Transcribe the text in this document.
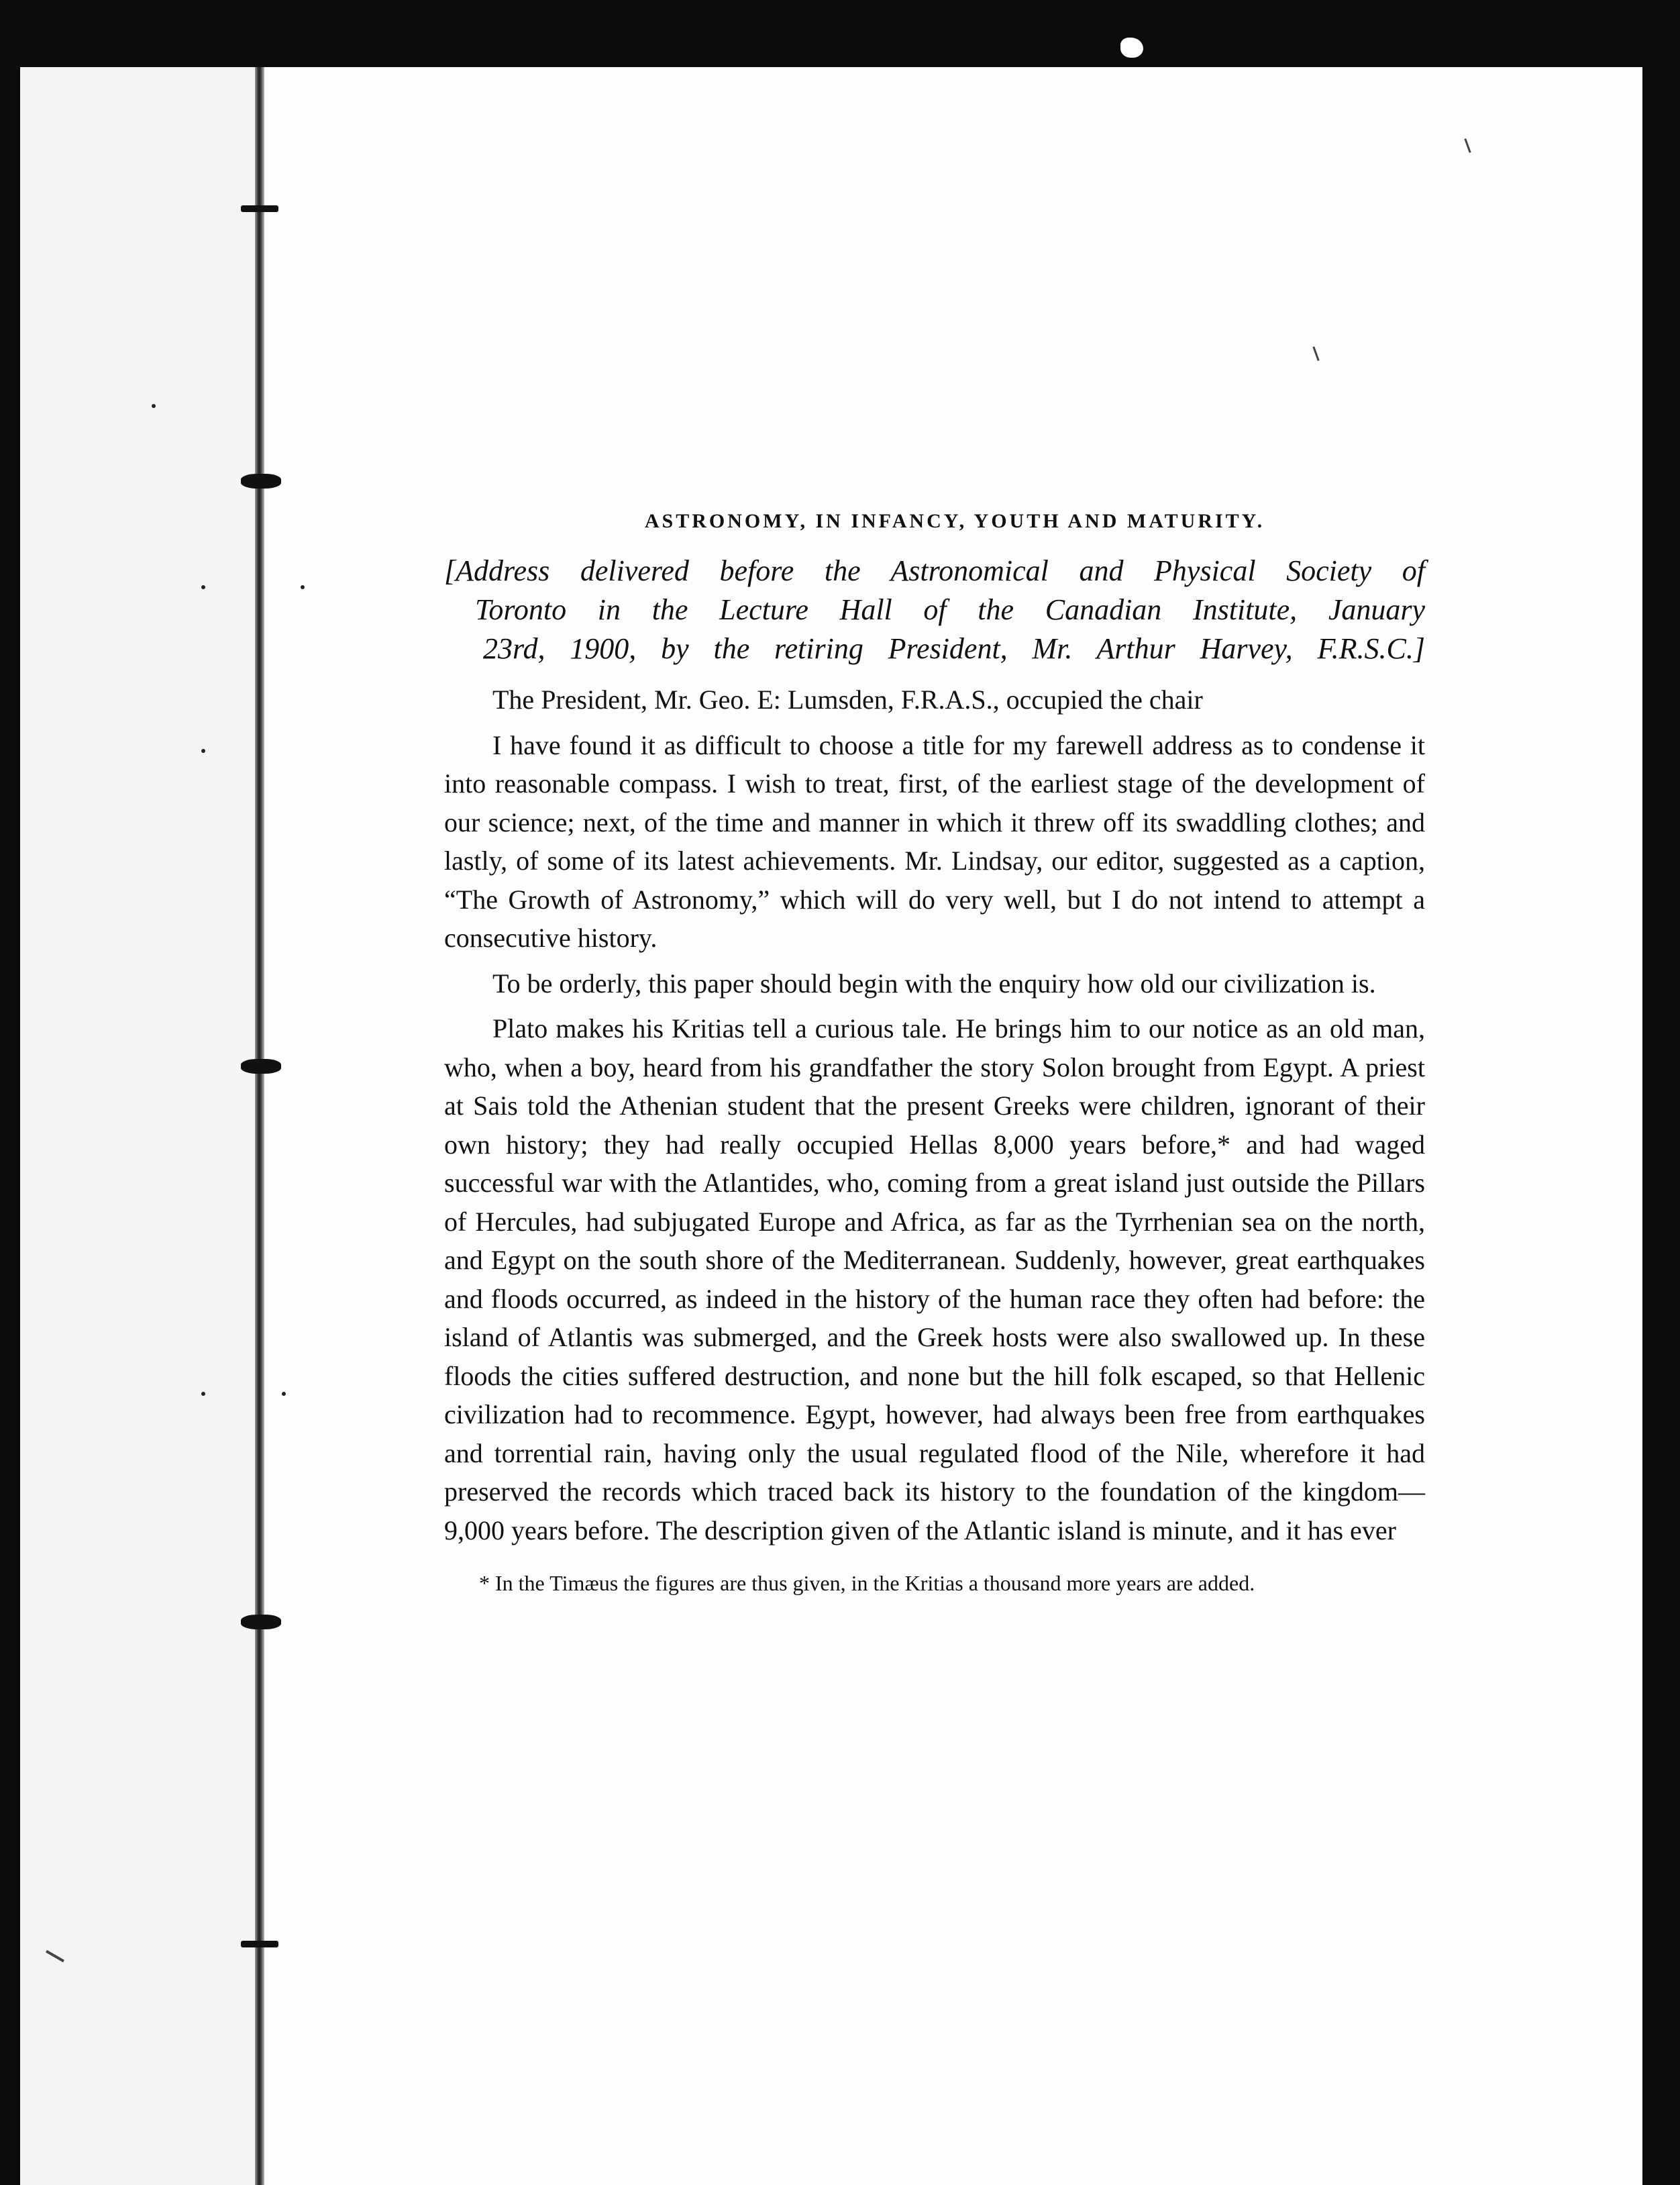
ASTRONOMY, IN INFANCY, YOUTH AND MATURITY.
[Address delivered before the Astronomical and Physical Society of
Toronto in the Lecture Hall of the Canadian Institute, January
23rd, 1900, by the retiring President, Mr. Arthur Harvey, F.R.S.C.]

The President, Mr. Geo. E: Lumsden, F.R.A.S., occupied the chair

I have found it as difficult to choose a title for my farewell address as to condense it into reasonable compass. I wish to treat, first, of the earliest stage of the development of our science; next, of the time and manner in which it threw off its swaddling clothes; and lastly, of some of its latest achievements. Mr. Lindsay, our editor, suggested as a caption, “The Growth of Astronomy,” which will do very well, but I do not intend to attempt a consecutive history.

To be orderly, this paper should begin with the enquiry how old our civilization is.

Plato makes his Kritias tell a curious tale. He brings him to our notice as an old man, who, when a boy, heard from his grandfather the story Solon brought from Egypt. A priest at Sais told the Athenian student that the present Greeks were children, ignorant of their own history; they had really occupied Hellas 8,000 years before,* and had waged successful war with the Atlantides, who, coming from a great island just outside the Pillars of Hercules, had subjugated Europe and Africa, as far as the Tyrrhenian sea on the north, and Egypt on the south shore of the Mediterranean. Suddenly, however, great earthquakes and floods occurred, as indeed in the history of the human race they often had before: the island of Atlantis was submerged, and the Greek hosts were also swallowed up. In these floods the cities suffered destruction, and none but the hill folk escaped, so that Hellenic civilization had to recommence. Egypt, however, had always been free from earthquakes and torrential rain, having only the usual regulated flood of the Nile, wherefore it had preserved the records which traced back its history to the foundation of the kingdom—9,000 years before. The description given of the Atlantic island is minute, and it has ever

* In the Timæus the figures are thus given, in the Kritias a thousand more years are added.
